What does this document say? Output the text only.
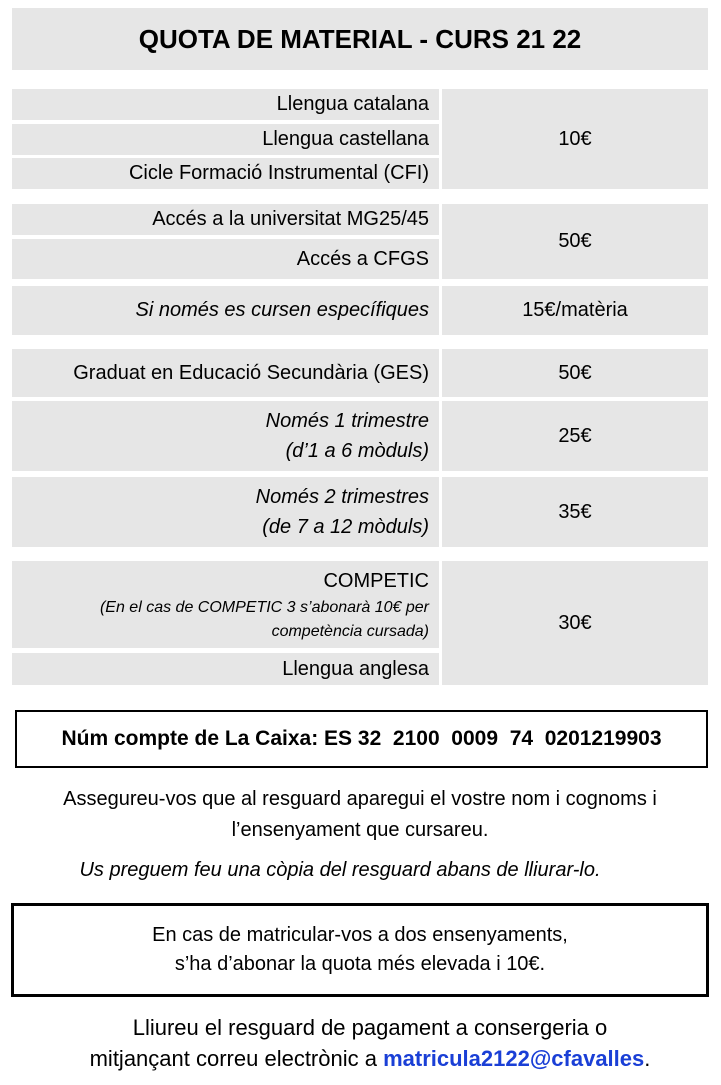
QUOTA DE MATERIAL - CURS 21 22
Llengua catalana
Llengua castellana
Cicle Formació Instrumental (CFI)
10€
Accés a la universitat MG25/45
Accés a CFGS
50€
Si només es cursen específiques	15€/matèria
Graduat en Educació Secundària (GES)	50€
Només 1 trimestre
(d’1 a 6 mòduls)
25€
Només 2 trimestres
(de 7 a 12 mòduls)
35€
COMPETIC
(En el cas de COMPETIC 3 s’abonarà 10€ per
competència cursada)
Llengua anglesa
30€
Núm compte de La Caixa: ES 32  2100  0009  74  0201219903
Assegureu-vos que al resguard aparegui el vostre nom i cognoms i
l’ensenyament que cursareu.
Us preguem feu una còpia del resguard abans de lliurar-lo.
En cas de matricular-vos a dos ensenyaments,
s’ha d’abonar la quota més elevada i 10€.
Lliureu el resguard de pagament a consergeria o
mitjançant correu electrònic a matricula2122@cfavalles.
